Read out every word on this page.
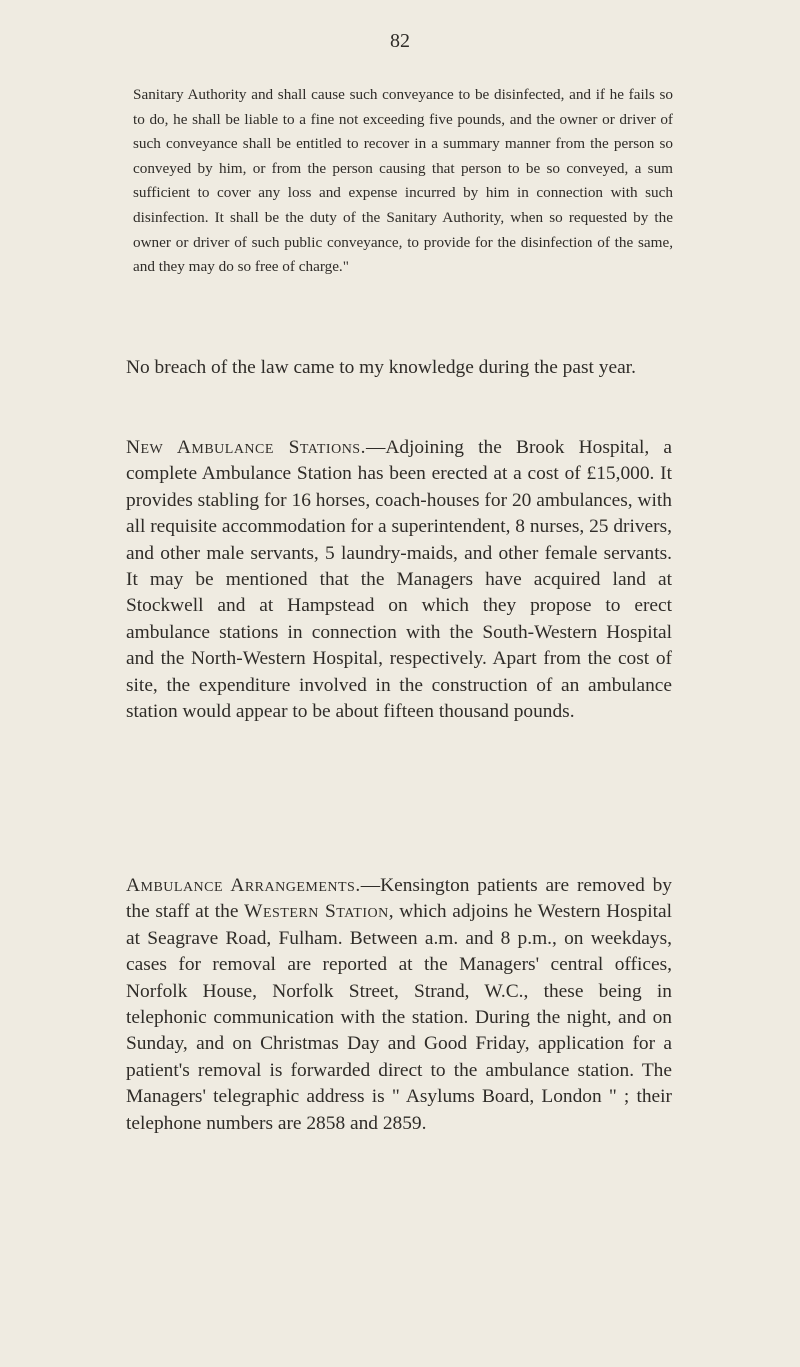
82
Sanitary Authority and shall cause such conveyance to be disinfected, and if he fails so to do, he shall be liable to a fine not exceeding five pounds, and the owner or driver of such conveyance shall be entitled to recover in a summary manner from the person so conveyed by him, or from the person causing that person to be so conveyed, a sum sufficient to cover any loss and expense incurred by him in connection with such disinfection. It shall be the duty of the Sanitary Authority, when so requested by the owner or driver of such public conveyance, to provide for the disinfection of the same, and they may do so free of charge."
No breach of the law came to my knowledge during the past year.
New Ambulance Stations.—Adjoining the Brook Hospital, a complete Ambulance Station has been erected at a cost of £15,000. It provides stabling for 16 horses, coach-houses for 20 ambulances, with all requisite accommodation for a superintendent, 8 nurses, 25 drivers, and other male servants, 5 laundry-maids, and other female servants. It may be mentioned that the Managers have acquired land at Stockwell and at Hampstead on which they propose to erect ambulance stations in connection with the South-Western Hospital and the North-Western Hospital, respectively. Apart from the cost of site, the expenditure involved in the construction of an ambulance station would appear to be about fifteen thousand pounds.
Ambulance Arrangements.—Kensington patients are removed by the staff at the Western Station, which adjoins he Western Hospital at Seagrave Road, Fulham. Between a.m. and 8 p.m., on weekdays, cases for removal are reported at the Managers' central offices, Norfolk House, Norfolk Street, Strand, W.C., these being in telephonic communication with the station. During the night, and on Sunday, and on Christmas Day and Good Friday, application for a patient's removal is forwarded direct to the ambulance station. The Managers' telegraphic address is " Asylums Board, London " ; their telephone numbers are 2858 and 2859.
